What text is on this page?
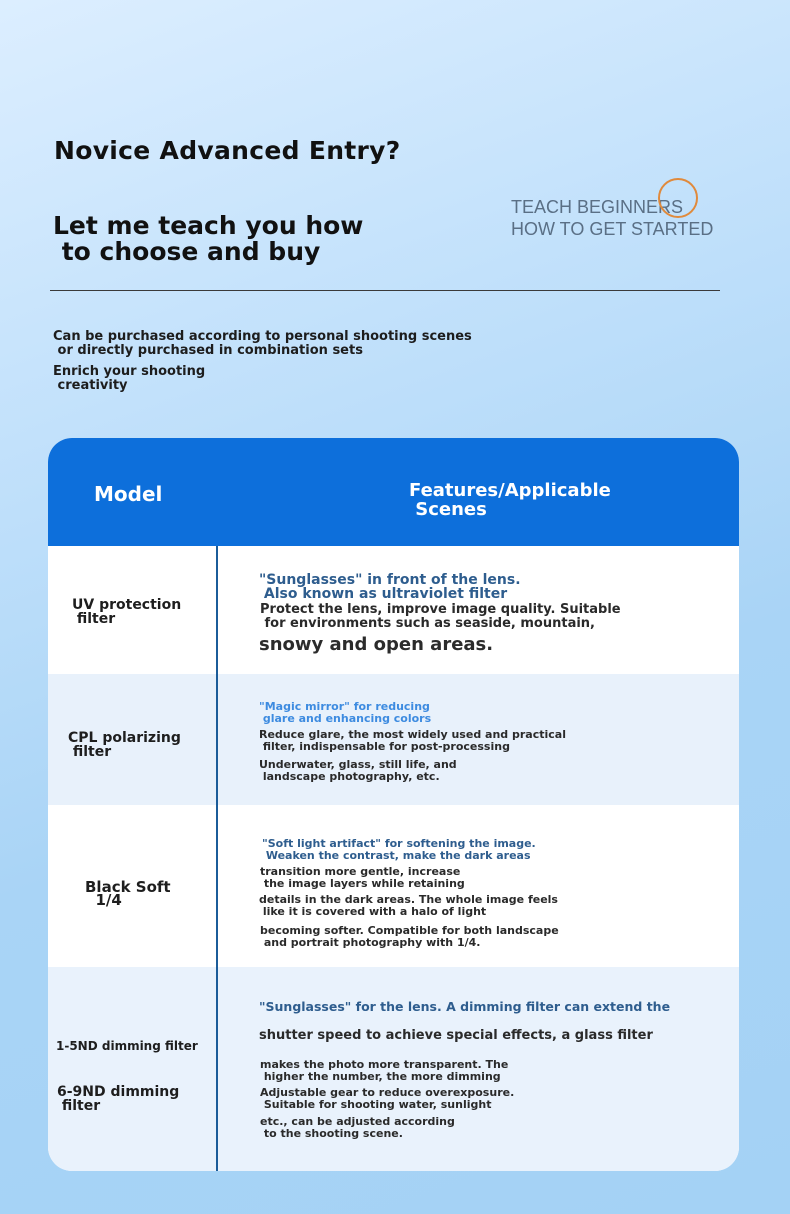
Novice Advanced Entry?
Let me teach you how
to choose and buy
TEACH BEGINNERS
HOW TO GET STARTED
Can be purchased according to personal shooting scenes
or directly purchased in combination sets
Enrich your shooting
creativity
Model	Features/Applicable
Scenes
UV protection
filter
"Sunglasses" in front of the lens.
Also known as ultraviolet filter
Protect the lens, improve image quality. Suitable
for environments such as seaside, mountain,
snowy and open areas.
CPL polarizing
filter
"Magic mirror" for reducing
glare and enhancing colors
Reduce glare, the most widely used and practical
filter, indispensable for post-processing
Underwater, glass, still life, and
landscape photography, etc.
Black Soft
1/4
"Soft light artifact" for softening the image.
Weaken the contrast, make the dark areas
transition more gentle, increase
the image layers while retaining
details in the dark areas. The whole image feels
like it is covered with a halo of light
becoming softer. Compatible for both landscape
and portrait photography with 1/4.
1-5ND dimming filter
6-9ND dimming
filter
"Sunglasses" for the lens. A dimming filter can extend the
shutter speed to achieve special effects, a glass filter
makes the photo more transparent. The
higher the number, the more dimming
Adjustable gear to reduce overexposure.
Suitable for shooting water, sunlight
etc., can be adjusted according
to the shooting scene.
